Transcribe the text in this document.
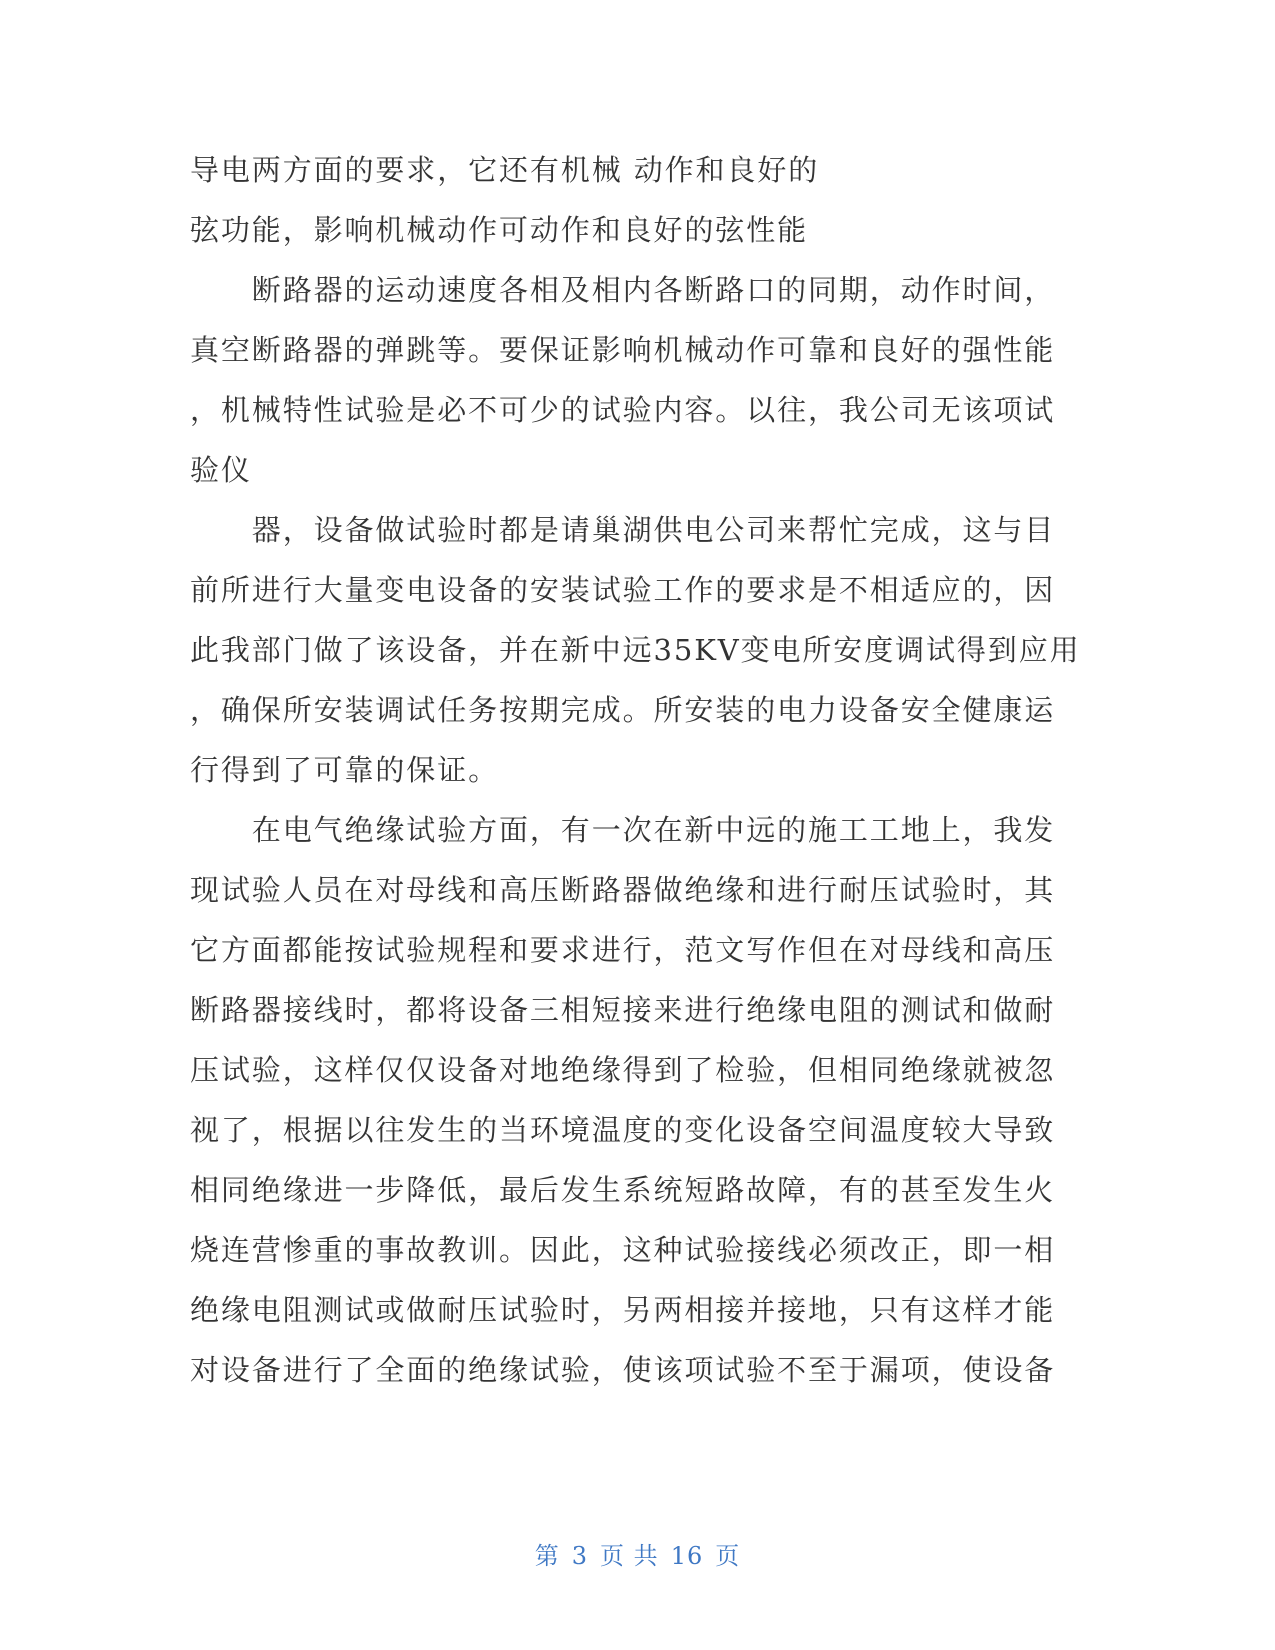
导电两方面的要求，它还有机械 动作和良好的
弦功能，影响机械动作可动作和良好的弦性能
　　断路器的运动速度各相及相内各断路口的同期，动作时间，
真空断路器的弹跳等。要保证影响机械动作可靠和良好的强性能
，机械特性试验是必不可少的试验内容。以往，我公司无该项试
验仪
　　器，设备做试验时都是请巢湖供电公司来帮忙完成，这与目
前所进行大量变电设备的安装试验工作的要求是不相适应的，因
此我部门做了该设备，并在新中远35KV变电所安度调试得到应用
，确保所安装调试任务按期完成。所安装的电力设备安全健康运
行得到了可靠的保证。
　　在电气绝缘试验方面，有一次在新中远的施工工地上，我发
现试验人员在对母线和高压断路器做绝缘和进行耐压试验时，其
它方面都能按试验规程和要求进行，范文写作但在对母线和高压
断路器接线时，都将设备三相短接来进行绝缘电阻的测试和做耐
压试验，这样仅仅设备对地绝缘得到了检验，但相同绝缘就被忽
视了，根据以往发生的当环境温度的变化设备空间温度较大导致
相同绝缘进一步降低，最后发生系统短路故障，有的甚至发生火
烧连营惨重的事故教训。因此，这种试验接线必须改正，即一相
绝缘电阻测试或做耐压试验时，另两相接并接地，只有这样才能
对设备进行了全面的绝缘试验，使该项试验不至于漏项，使设备
第 3 页 共 16 页
